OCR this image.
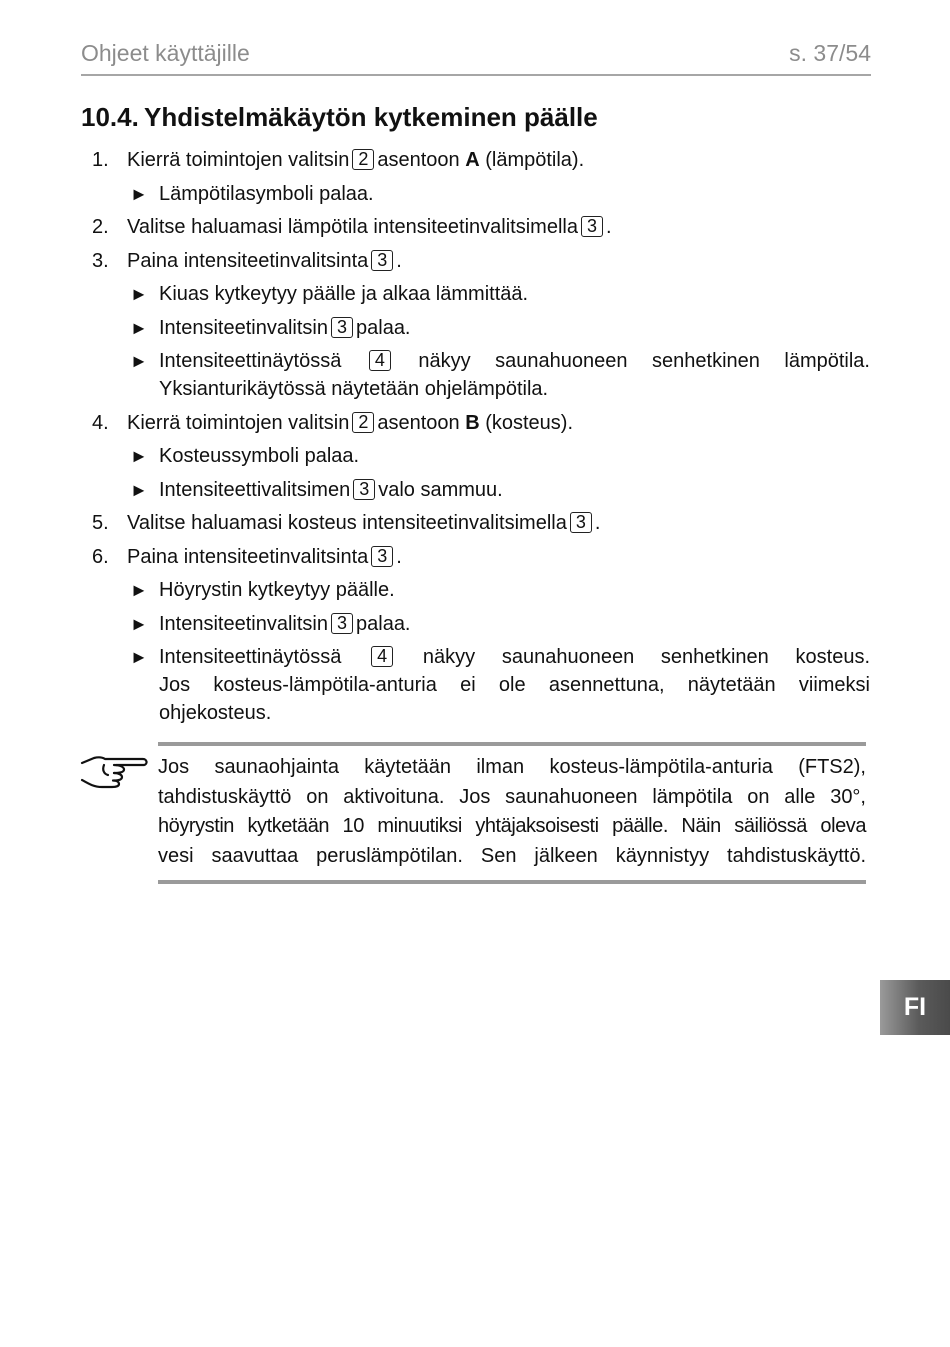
Ohjeet käyttäjille	s. 37/54
10.4. Yhdistelmäkäytön kytkeminen päälle
1. Kierrä toimintojen valitsin 2 asentoon A (lämpötila).
► Lämpötilasymboli palaa.
2. Valitse haluamasi lämpötila intensiteetinvalitsimella 3 .
3. Paina intensiteetinvalitsinta 3 .
► Kiuas kytkeytyy päälle ja alkaa lämmittää.
► Intensiteetinvalitsin 3 palaa.
► Intensiteettinäytössä 4 näkyy saunahuoneen senhetkinen lämpötila.
Yksianturikäytössä näytetään ohjelämpötila.
4. Kierrä toimintojen valitsin 2 asentoon B (kosteus).
► Kosteussymboli palaa.
► Intensiteettivalitsimen 3 valo sammuu.
5. Valitse haluamasi kosteus intensiteetinvalitsimella 3 .
6. Paina intensiteetinvalitsinta 3 .
► Höyrystin kytkeytyy päälle.
► Intensiteetinvalitsin 3 palaa.
► Intensiteettinäytössä 4 näkyy saunahuoneen senhetkinen kosteus.
Jos kosteus-lämpötila-anturia ei ole asennettuna, näytetään viimeksi
ohjekosteus.
Jos saunaohjainta käytetään ilman kosteus-lämpötila-anturia (FTS2),
tahdistuskäyttö on aktivoituna. Jos saunahuoneen lämpötila on alle 30°,
höyrystin kytketään 10 minuutiksi yhtäjaksoisesti päälle. Näin säiliössä oleva
vesi saavuttaa peruslämpötilan. Sen jälkeen käynnistyy tahdistuskäyttö.
FI
